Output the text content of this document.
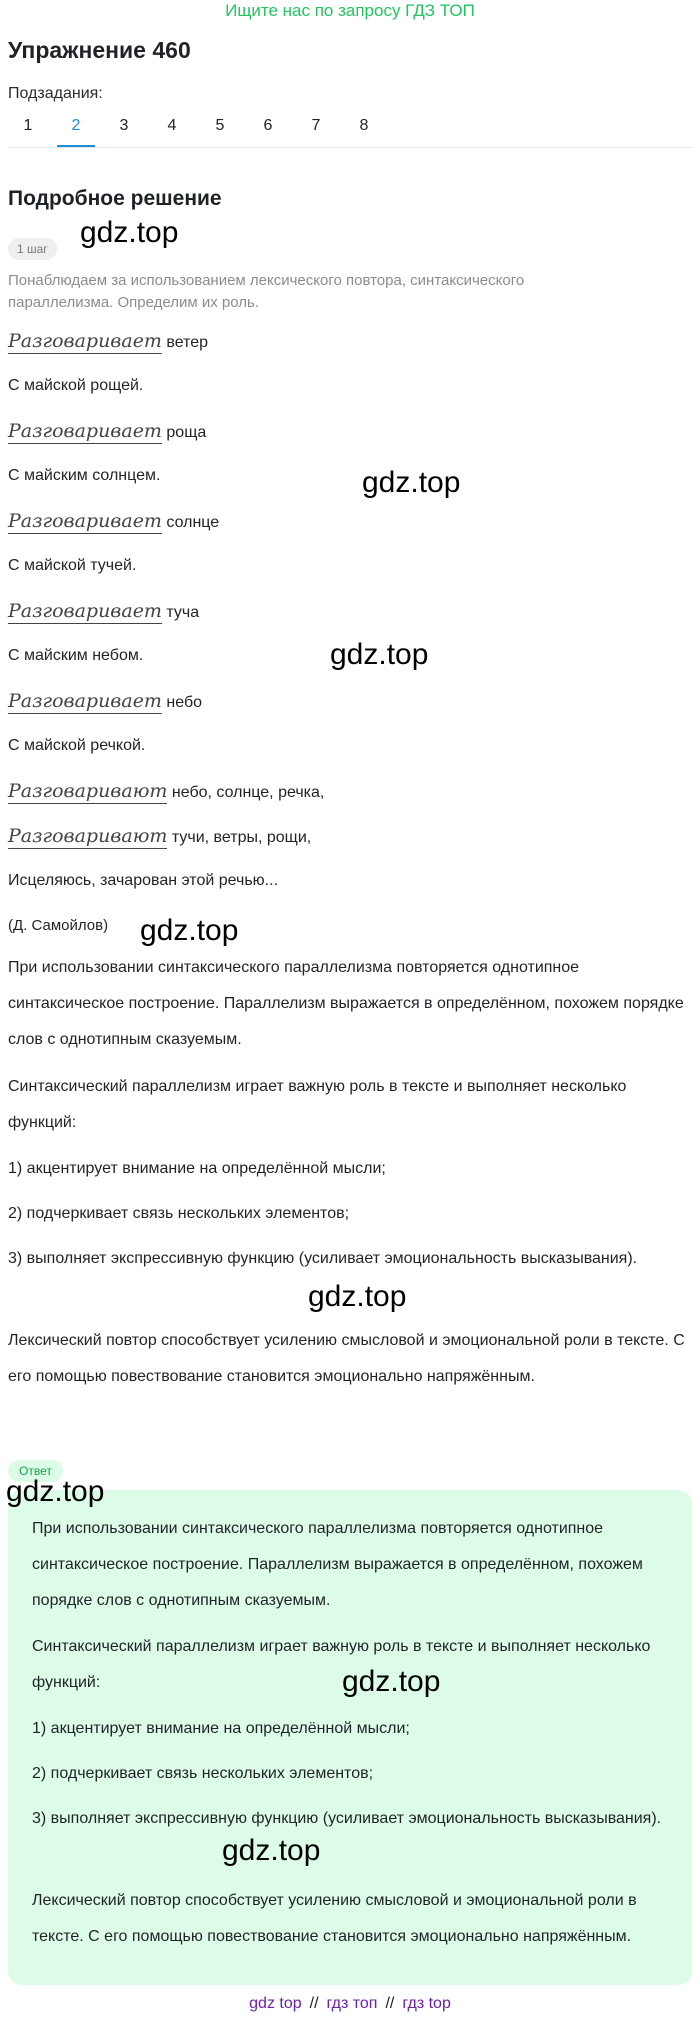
Ищите нас по запросу ГДЗ ТОП
Упражнение 460
Подзадания:
1	2	3	4	5	6	7	8
Подробное решение
1 шаг
Понаблюдаем за использованием лексического повтора, синтаксического параллелизма. Определим их роль.
Разговаривает ветер
С майской рощей.
Разговаривает роща
С майским солнцем.
Разговаривает солнце
С майской тучей.
Разговаривает туча
С майским небом.
Разговаривает небо
С майской речкой.
Разговаривают небо, солнце, речка,
Разговаривают тучи, ветры, рощи,
Исцеляюсь, зачарован этой речью...
(Д. Самойлов)
При использовании синтаксического параллелизма повторяется однотипное синтаксическое построение. Параллелизм выражается в определённом, похожем порядке слов с однотипным сказуемым.
Синтаксический параллелизм играет важную роль в тексте и выполняет несколько функций:
1) акцентирует внимание на определённой мысли;
2) подчеркивает связь нескольких элементов;
3) выполняет экспрессивную функцию (усиливает эмоциональность высказывания).
Лексический повтор способствует усилению смысловой и эмоциональной роли в тексте. С его помощью повествование становится эмоционально напряжённым.
Ответ
При использовании синтаксического параллелизма повторяется однотипное синтаксическое построение. Параллелизм выражается в определённом, похожем порядке слов с однотипным сказуемым.
Синтаксический параллелизм играет важную роль в тексте и выполняет несколько функций:
1) акцентирует внимание на определённой мысли;
2) подчеркивает связь нескольких элементов;
3) выполняет экспрессивную функцию (усиливает эмоциональность высказывания).
Лексический повтор способствует усилению смысловой и эмоциональной роли в тексте. С его помощью повествование становится эмоционально напряжённым.
gdz.top
gdz.top
gdz.top
gdz.top
gdz.top
gdz.top
gdz.top
gdz.top
gdz top // гдз топ // гдз top
